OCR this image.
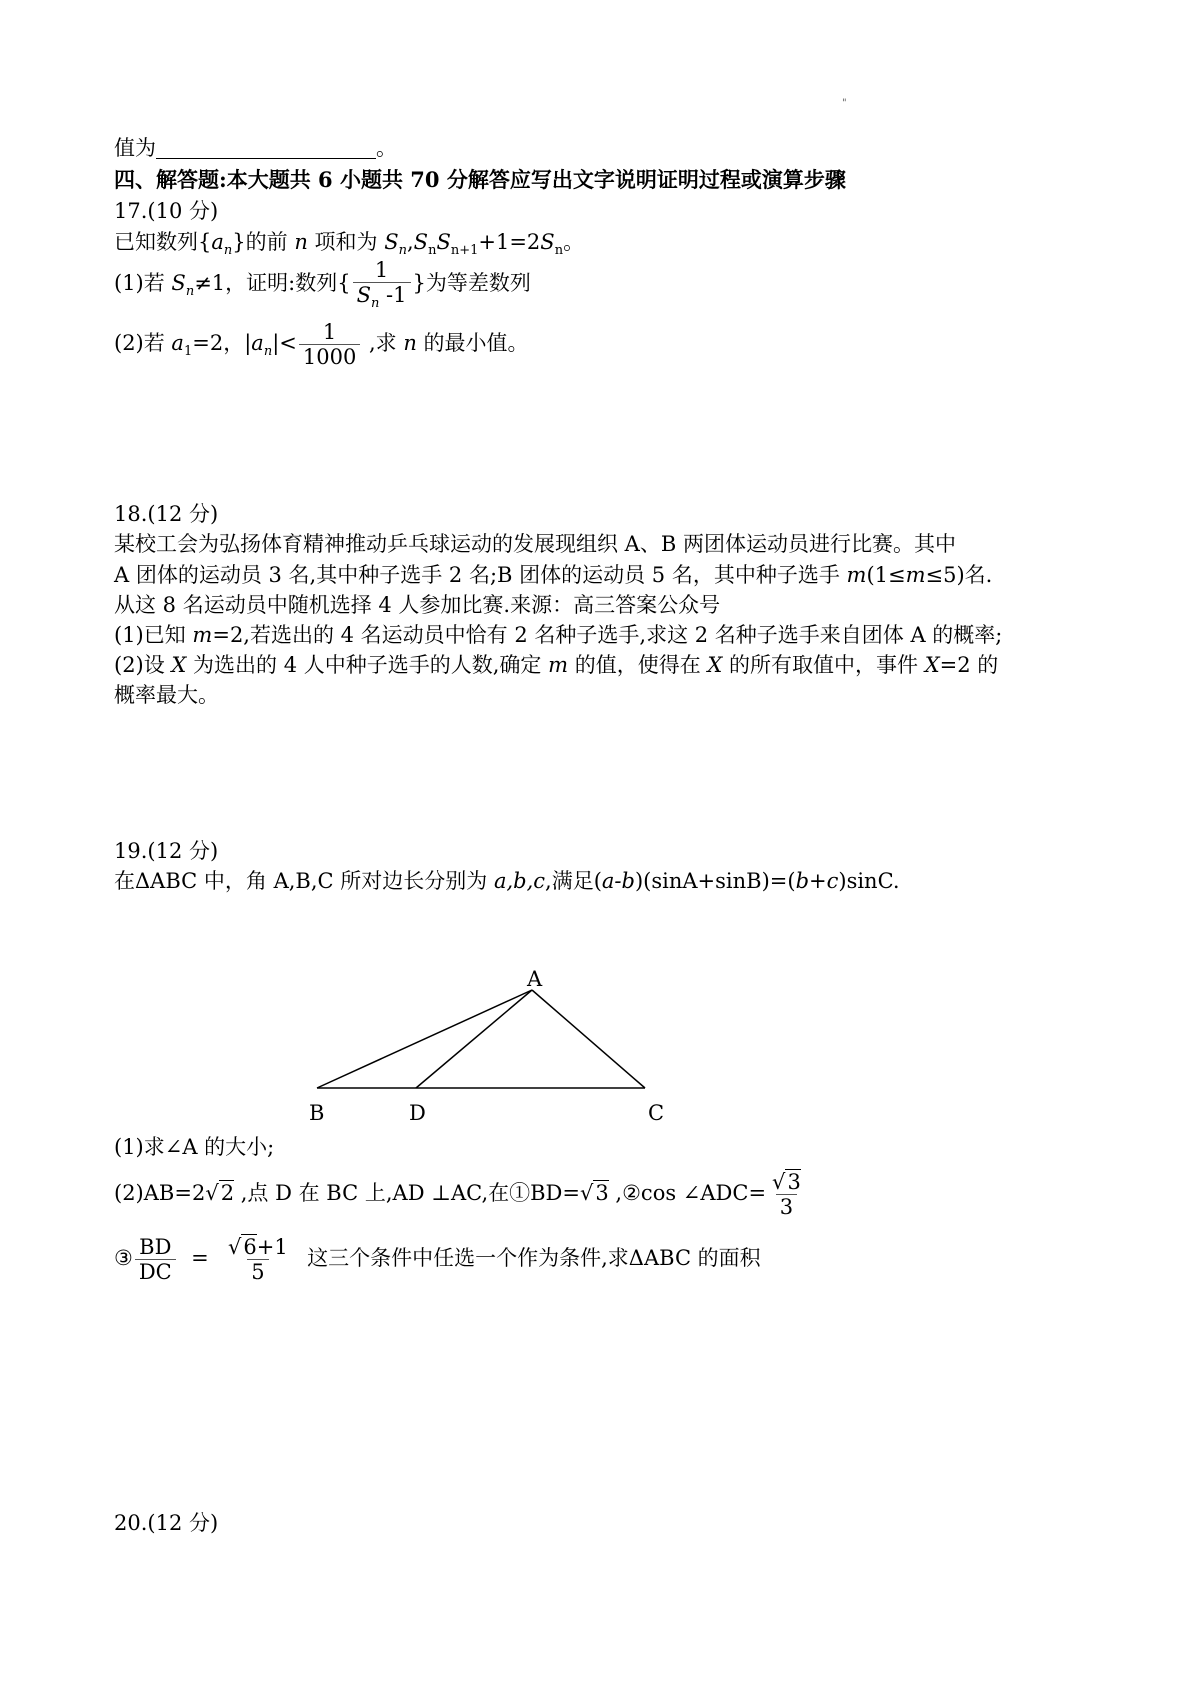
"
值为	。
四、解答题:本大题共 6 小题共 70 分解答应写出文字说明证明过程或演算步骤
17.(10 分)
已知数列$\{a_n\}$的前 n 项和为 $S_n,S_nS_{n+1}+1=2S_n$。
(1)若 $S_n\ne 1$，证明:数列{ $\frac{1}{S_n -1}$ }为等差数列
(2)若 $a_1=2$，$|a_n|< \frac{1}{1000}$ ,求 n 的最小值。
18.(12 分)
某校工会为弘扬体育精神推动乒乓球运动的发展现组织 A、B 两团体运动员进行比赛。其中
A 团体的运动员 3 名,其中种子选手 2 名;B 团体的运动员 5 名，其中种子选手 m(1≤m≤5)名.
从这 8 名运动员中随机选择 4 人参加比赛.来源：高三答案公众号
(1)已知 m=2,若选出的 4 名运动员中恰有 2 名种子选手,求这 2 名种子选手来自团体 A 的概率;
(2)设 X 为选出的 4 人中种子选手的人数,确定 m 的值，使得在 X 的所有取值中，事件 X=2 的
概率最大。
19.(12 分)
在ΔABC 中，角 A,B,C 所对边长分别为 a,b,c,满足(a-b)(sinA+sinB)=(b+c)sinC.
A
B	D	C
(1)求∠A 的大小;
(2)AB=2√2 ,点 D 在 BC 上,AD ⊥AC,在①BD=√3 ,②cos ∠ADC= $\frac{√3}{3}$
③ $\frac{BD}{DC} = \frac{√6+1}{5}$ 这三个条件中任选一个作为条件,求ΔABC 的面积
20.(12 分)
